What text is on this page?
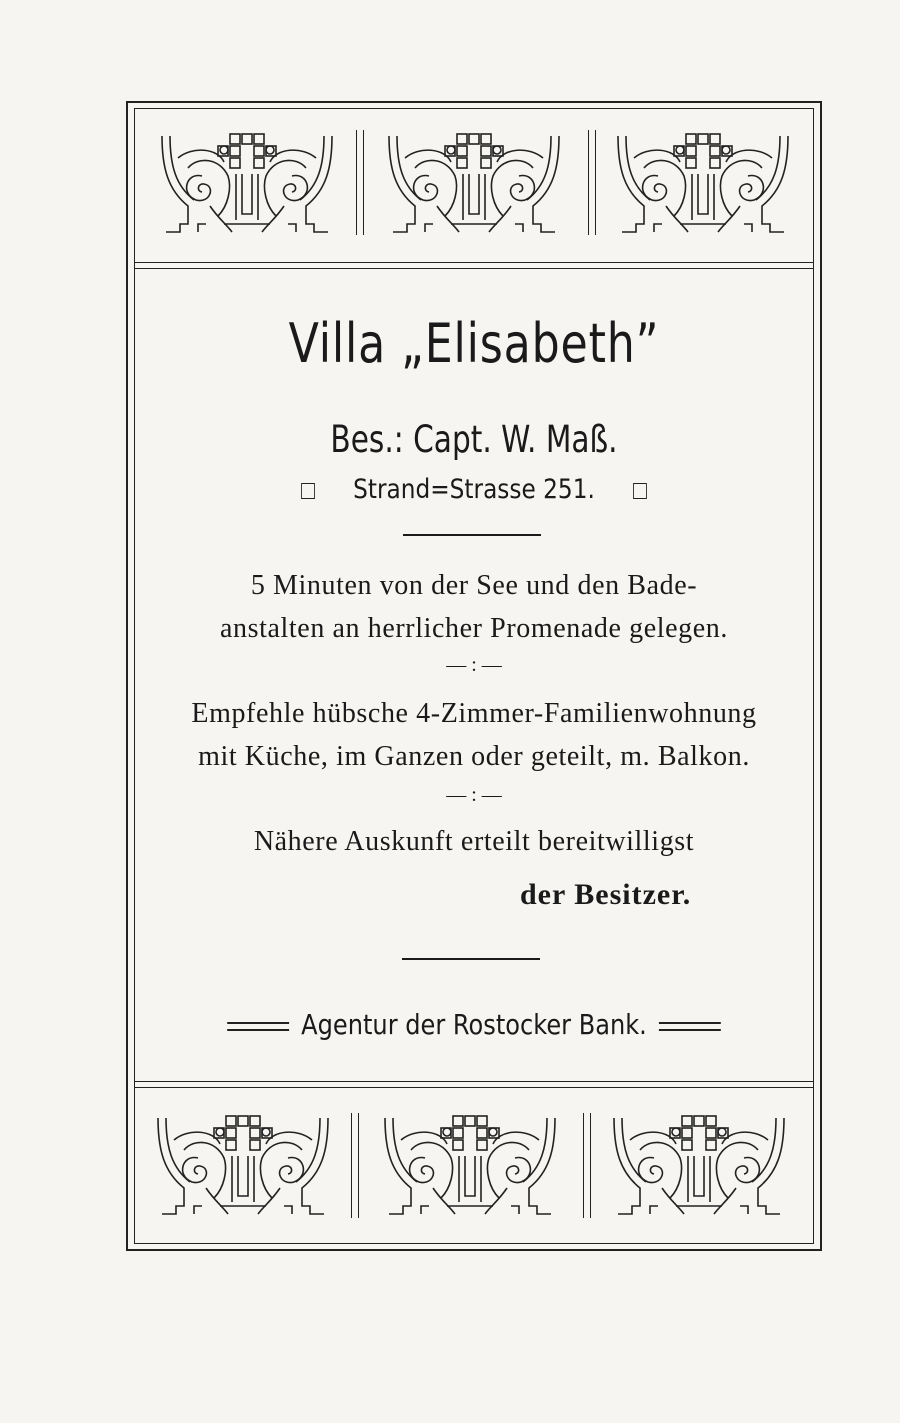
Villa „Elisabeth”
Bes.: Capt. W. Maß.
Strand=Strasse 251.
5 Minuten von der See und den Bade-
anstalten an herrlicher Promenade gelegen.
— : —
Empfehle hübsche 4-Zimmer-Familienwohnung
mit Küche, im Ganzen oder geteilt, m. Balkon.
— : —
Nähere Auskunft erteilt bereitwilligst
der Besitzer.
Agentur der Rostocker Bank.
